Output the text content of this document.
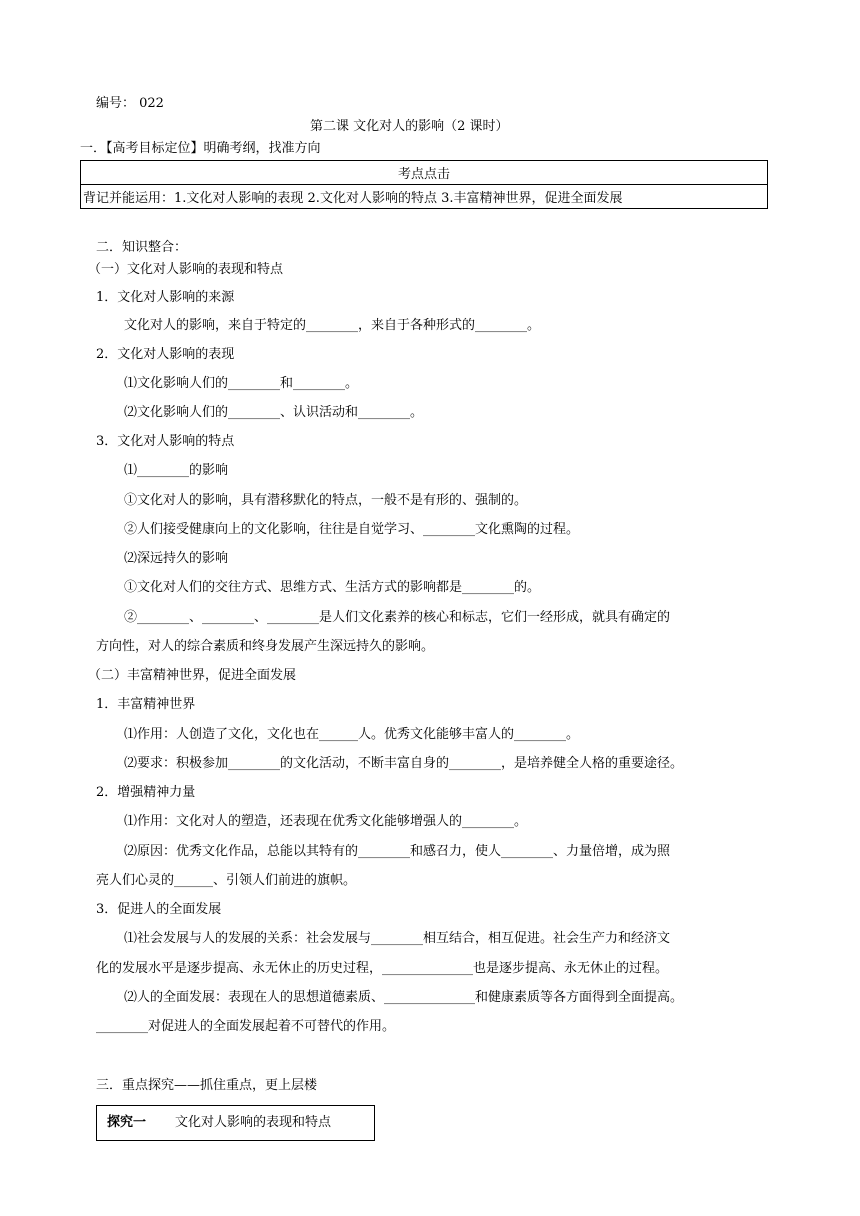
编号： 022
第二课 文化对人的影响（2 课时）
一．【高考目标定位】明确考纲，找准方向
考点点击
背记并能运用：1.文化对人影响的表现 2.文化对人影响的特点 3.丰富精神世界，促进全面发展
二．知识整合：
（一）文化对人影响的表现和特点
1．文化对人影响的来源
文化对人的影响，来自于特定的________，来自于各种形式的________。
2．文化对人影响的表现
⑴文化影响人们的________和________。
⑵文化影响人们的________、认识活动和________。
3．文化对人影响的特点
⑴________的影响
①文化对人的影响，具有潜移默化的特点，一般不是有形的、强制的。
②人们接受健康向上的文化影响，往往是自觉学习、________文化熏陶的过程。
⑵深远持久的影响
①文化对人们的交往方式、思维方式、生活方式的影响都是________的。
②________、________、________是人们文化素养的核心和标志，它们一经形成，就具有确定的
方向性，对人的综合素质和终身发展产生深远持久的影响。
（二）丰富精神世界，促进全面发展
1．丰富精神世界
⑴作用：人创造了文化，文化也在______人。优秀文化能够丰富人的________。
⑵要求：积极参加________的文化活动，不断丰富自身的________，是培养健全人格的重要途径。
2．增强精神力量
⑴作用：文化对人的塑造，还表现在优秀文化能够增强人的________。
⑵原因：优秀文化作品，总能以其特有的________和感召力，使人________、力量倍增，成为照
亮人们心灵的______、引领人们前进的旗帜。
3．促进人的全面发展
⑴社会发展与人的发展的关系：社会发展与________相互结合，相互促进。社会生产力和经济文
化的发展水平是逐步提高、永无休止的历史过程，______________也是逐步提高、永无休止的过程。
⑵人的全面发展：表现在人的思想道德素质、______________和健康素质等各方面得到全面提高。
________对促进人的全面发展起着不可替代的作用。
三．重点探究——抓住重点，更上层楼
探究一 文化对人影响的表现和特点
